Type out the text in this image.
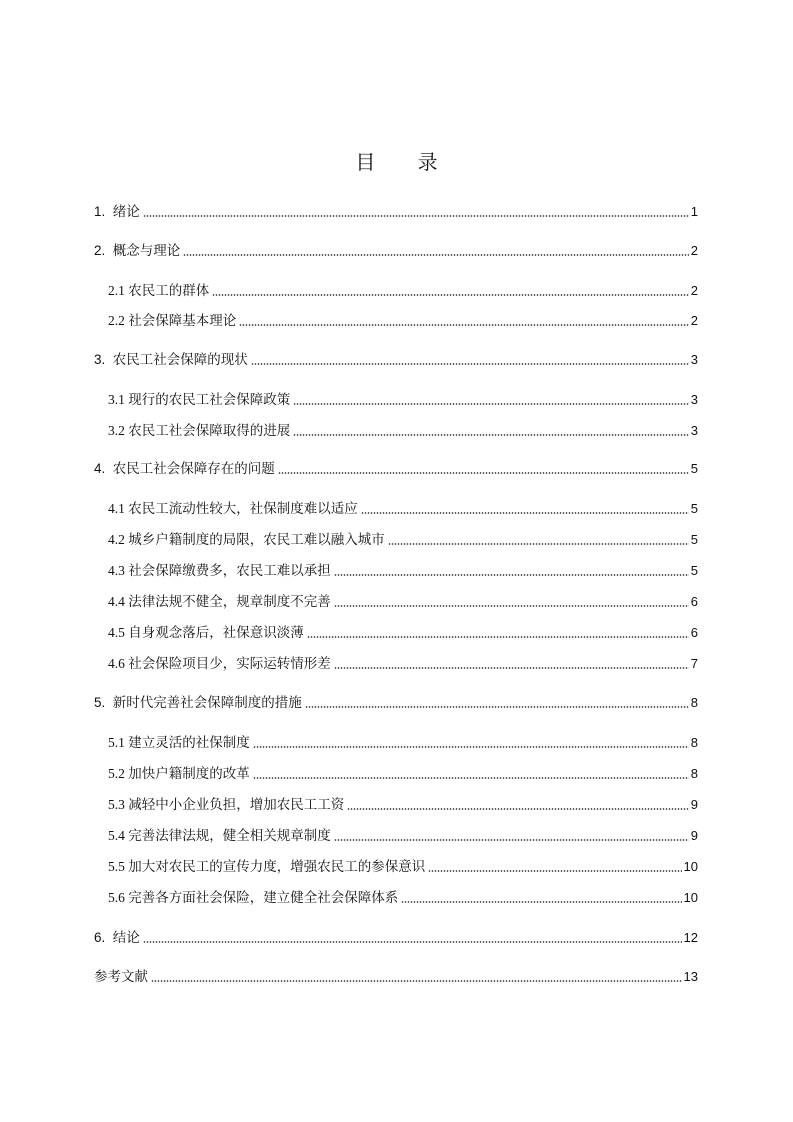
目 录
1. 绪论	1
2. 概念与理论	2
2.1 农民工的群体	2
2.2 社会保障基本理论	2
3. 农民工社会保障的现状	3
3.1 现行的农民工社会保障政策	3
3.2 农民工社会保障取得的进展	3
4. 农民工社会保障存在的问题	5
4.1 农民工流动性较大，社保制度难以适应	5
4.2 城乡户籍制度的局限，农民工难以融入城市	5
4.3 社会保障缴费多，农民工难以承担	5
4.4 法律法规不健全，规章制度不完善	6
4.5 自身观念落后，社保意识淡薄	6
4.6 社会保险项目少，实际运转情形差	7
5. 新时代完善社会保障制度的措施	8
5.1 建立灵活的社保制度	8
5.2 加快户籍制度的改革	8
5.3 减轻中小企业负担，增加农民工工资	9
5.4 完善法律法规，健全相关规章制度	9
5.5 加大对农民工的宣传力度，增强农民工的参保意识	10
5.6 完善各方面社会保险，建立健全社会保障体系	10
6. 结论	12
参考文献	13
